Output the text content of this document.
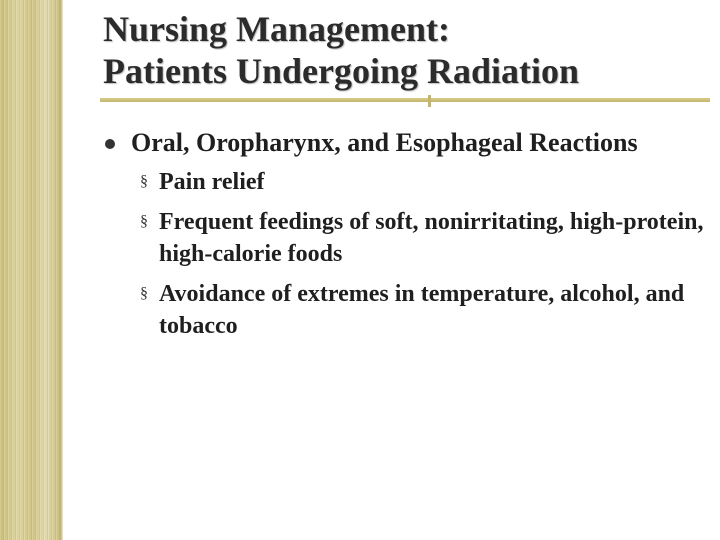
Nursing Management:
Patients Undergoing Radiation
Oral, Oropharynx, and Esophageal Reactions
§ Pain relief
§ Frequent feedings of soft, nonirritating, high-protein, high-calorie foods
§ Avoidance of extremes in temperature, alcohol, and tobacco
